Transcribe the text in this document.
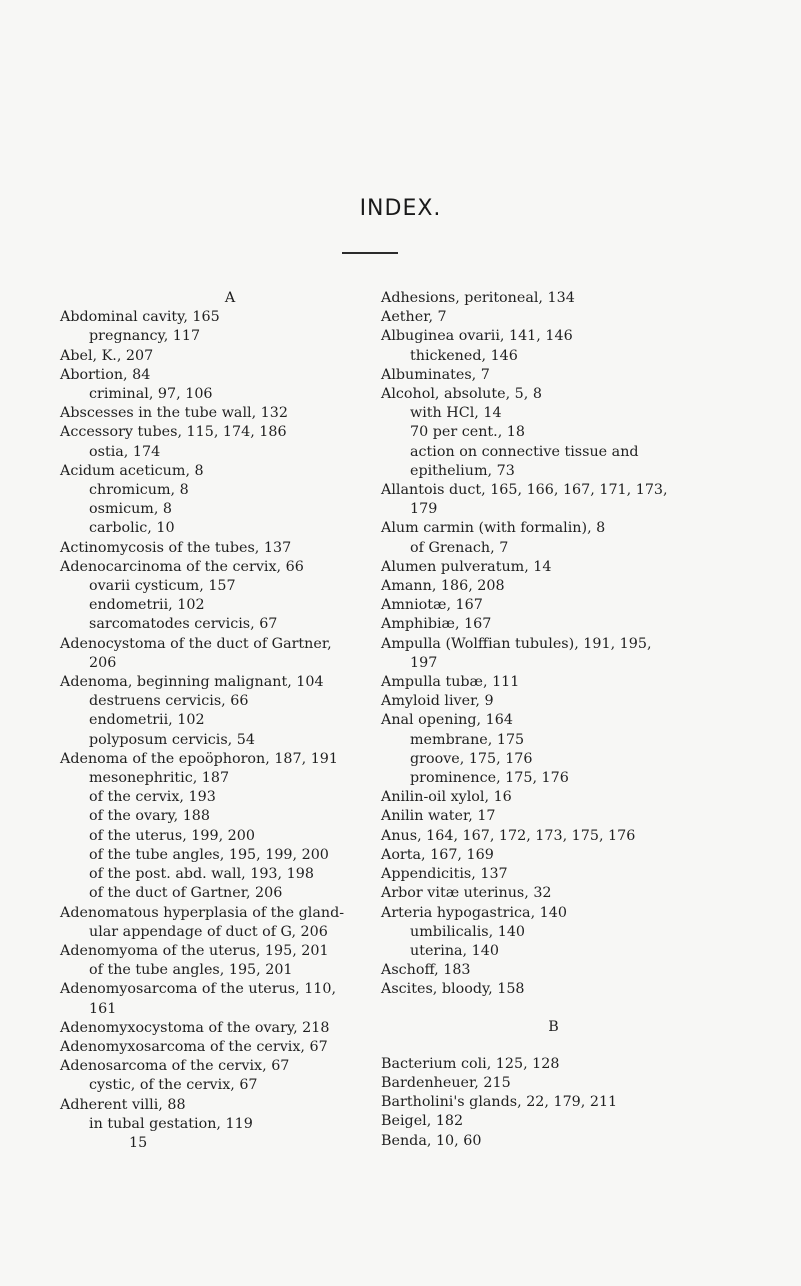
INDEX.
A
Abdominal cavity, 165
pregnancy, 117
Abel, K., 207
Abortion, 84
criminal, 97, 106
Abscesses in the tube wall, 132
Accessory tubes, 115, 174, 186
ostia, 174
Acidum aceticum, 8
chromicum, 8
osmicum, 8
carbolic, 10
Actinomycosis of the tubes, 137
Adenocarcinoma of the cervix, 66
ovarii cysticum, 157
endometrii, 102
sarcomatodes cervicis, 67
Adenocystoma of the duct of Gartner,
206
Adenoma, beginning malignant, 104
destruens cervicis, 66
endometrii, 102
polyposum cervicis, 54
Adenoma of the epoöphoron, 187, 191
mesonephritic, 187
of the cervix, 193
of the ovary, 188
of the uterus, 199, 200
of the tube angles, 195, 199, 200
of the post. abd. wall, 193, 198
of the duct of Gartner, 206
Adenomatous hyperplasia of the gland-
ular appendage of duct of G, 206
Adenomyoma of the uterus, 195, 201
of the tube angles, 195, 201
Adenomyosarcoma of the uterus, 110,
161
Adenomyxocystoma of the ovary, 218
Adenomyxosarcoma of the cervix, 67
Adenosarcoma of the cervix, 67
cystic, of the cervix, 67
Adherent villi, 88
in tubal gestation, 119
15
Adhesions, peritoneal, 134
Aether, 7
Albuginea ovarii, 141, 146
thickened, 146
Albuminates, 7
Alcohol, absolute, 5, 8
with HCl, 14
70 per cent., 18
action on connective tissue and
epithelium, 73
Allantois duct, 165, 166, 167, 171, 173,
179
Alum carmin (with formalin), 8
of Grenach, 7
Alumen pulveratum, 14
Amann, 186, 208
Amniotæ, 167
Amphibiæ, 167
Ampulla (Wolffian tubules), 191, 195,
197
Ampulla tubæ, 111
Amyloid liver, 9
Anal opening, 164
membrane, 175
groove, 175, 176
prominence, 175, 176
Anilin-oil xylol, 16
Anilin water, 17
Anus, 164, 167, 172, 173, 175, 176
Aorta, 167, 169
Appendicitis, 137
Arbor vitæ uterinus, 32
Arteria hypogastrica, 140
umbilicalis, 140
uterina, 140
Aschoff, 183
Ascites, bloody, 158
B
Bacterium coli, 125, 128
Bardenheuer, 215
Bartholini's glands, 22, 179, 211
Beigel, 182
Benda, 10, 60
